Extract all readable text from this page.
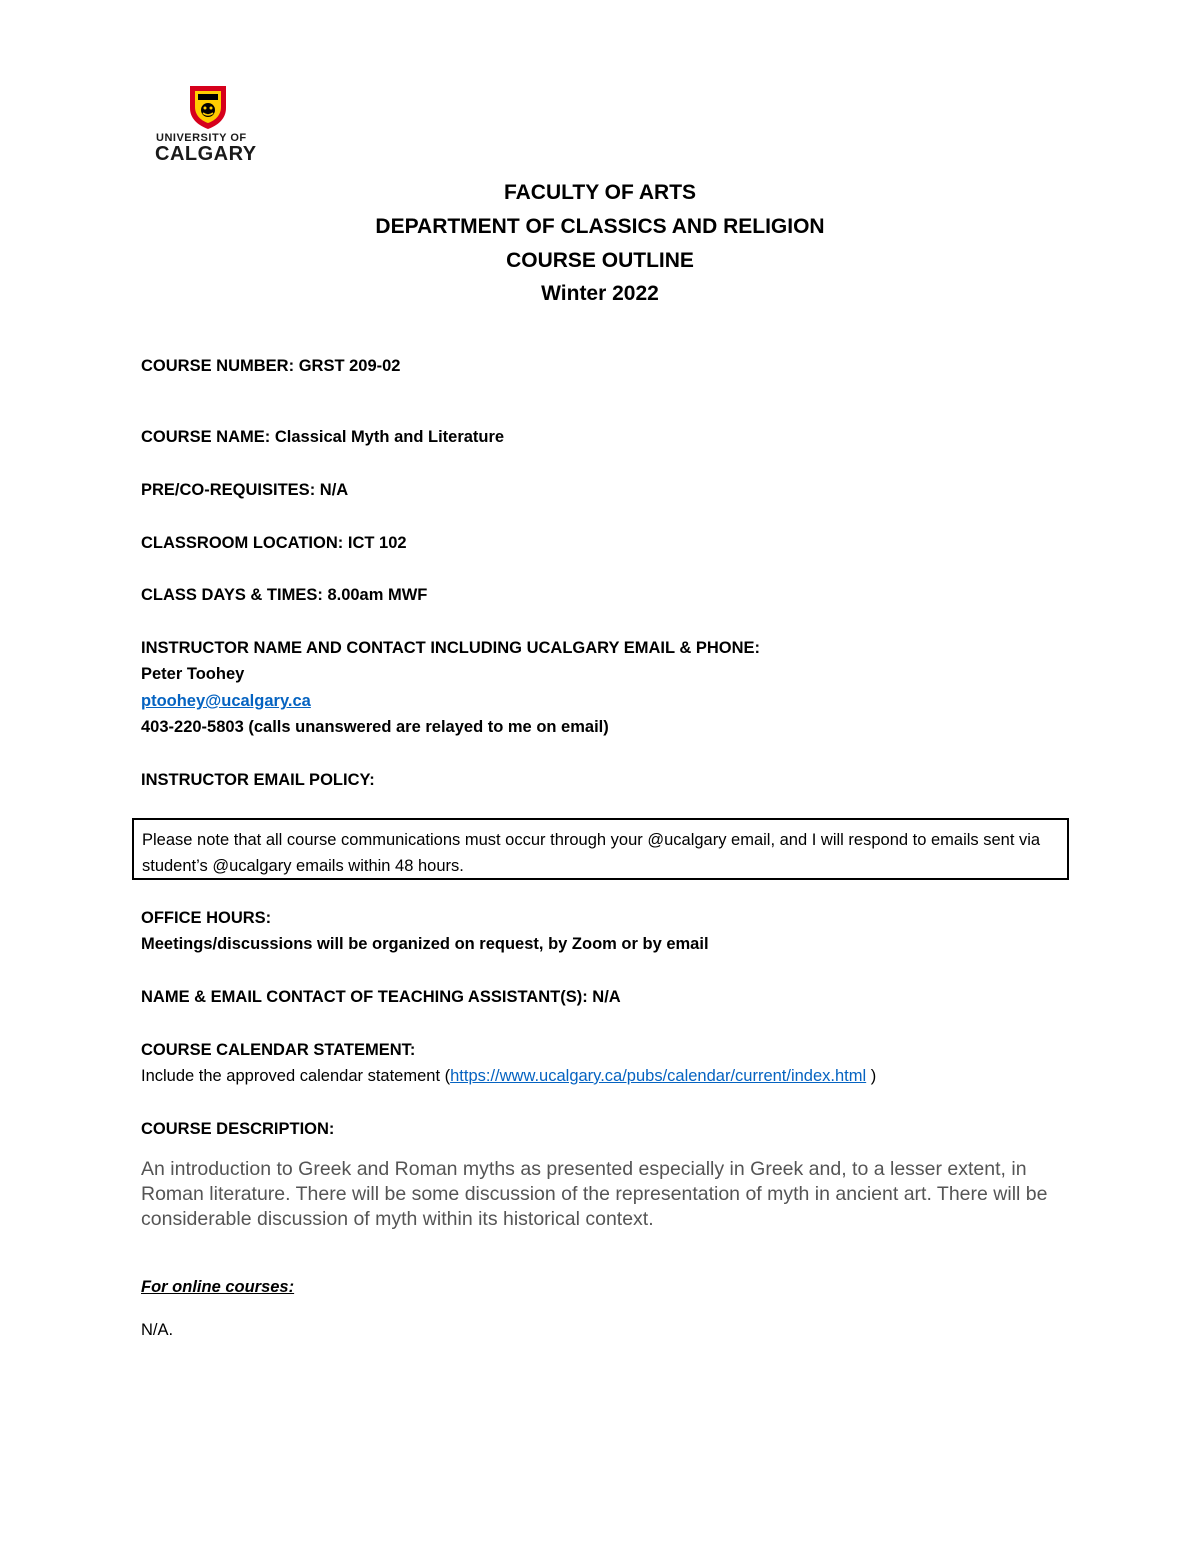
UNIVERSITY OF
CALGARY
FACULTY OF ARTS
DEPARTMENT OF CLASSICS AND RELIGION
COURSE OUTLINE
Winter 2022
COURSE NUMBER: GRST 209-02
COURSE NAME: Classical Myth and Literature
PRE/CO-REQUISITES: N/A
CLASSROOM LOCATION: ICT 102
CLASS DAYS & TIMES: 8.00am MWF
INSTRUCTOR NAME AND CONTACT INCLUDING UCALGARY EMAIL & PHONE:
Peter Toohey
ptoohey@ucalgary.ca
403-220-5803 (calls unanswered are relayed to me on email)
INSTRUCTOR EMAIL POLICY:
Please note that all course communications must occur through your @ucalgary email, and I will respond to emails sent via student’s @ucalgary emails within 48 hours.
OFFICE HOURS:
Meetings/discussions will be organized on request, by Zoom or by email
NAME & EMAIL CONTACT OF TEACHING ASSISTANT(S): N/A
COURSE CALENDAR STATEMENT:
Include the approved calendar statement (https://www.ucalgary.ca/pubs/calendar/current/index.html )
COURSE DESCRIPTION:
An introduction to Greek and Roman myths as presented especially in Greek and, to a lesser extent, in Roman literature. There will be some discussion of the representation of myth in ancient art. There will be considerable discussion of myth within its historical context.
For online courses:
N/A.
